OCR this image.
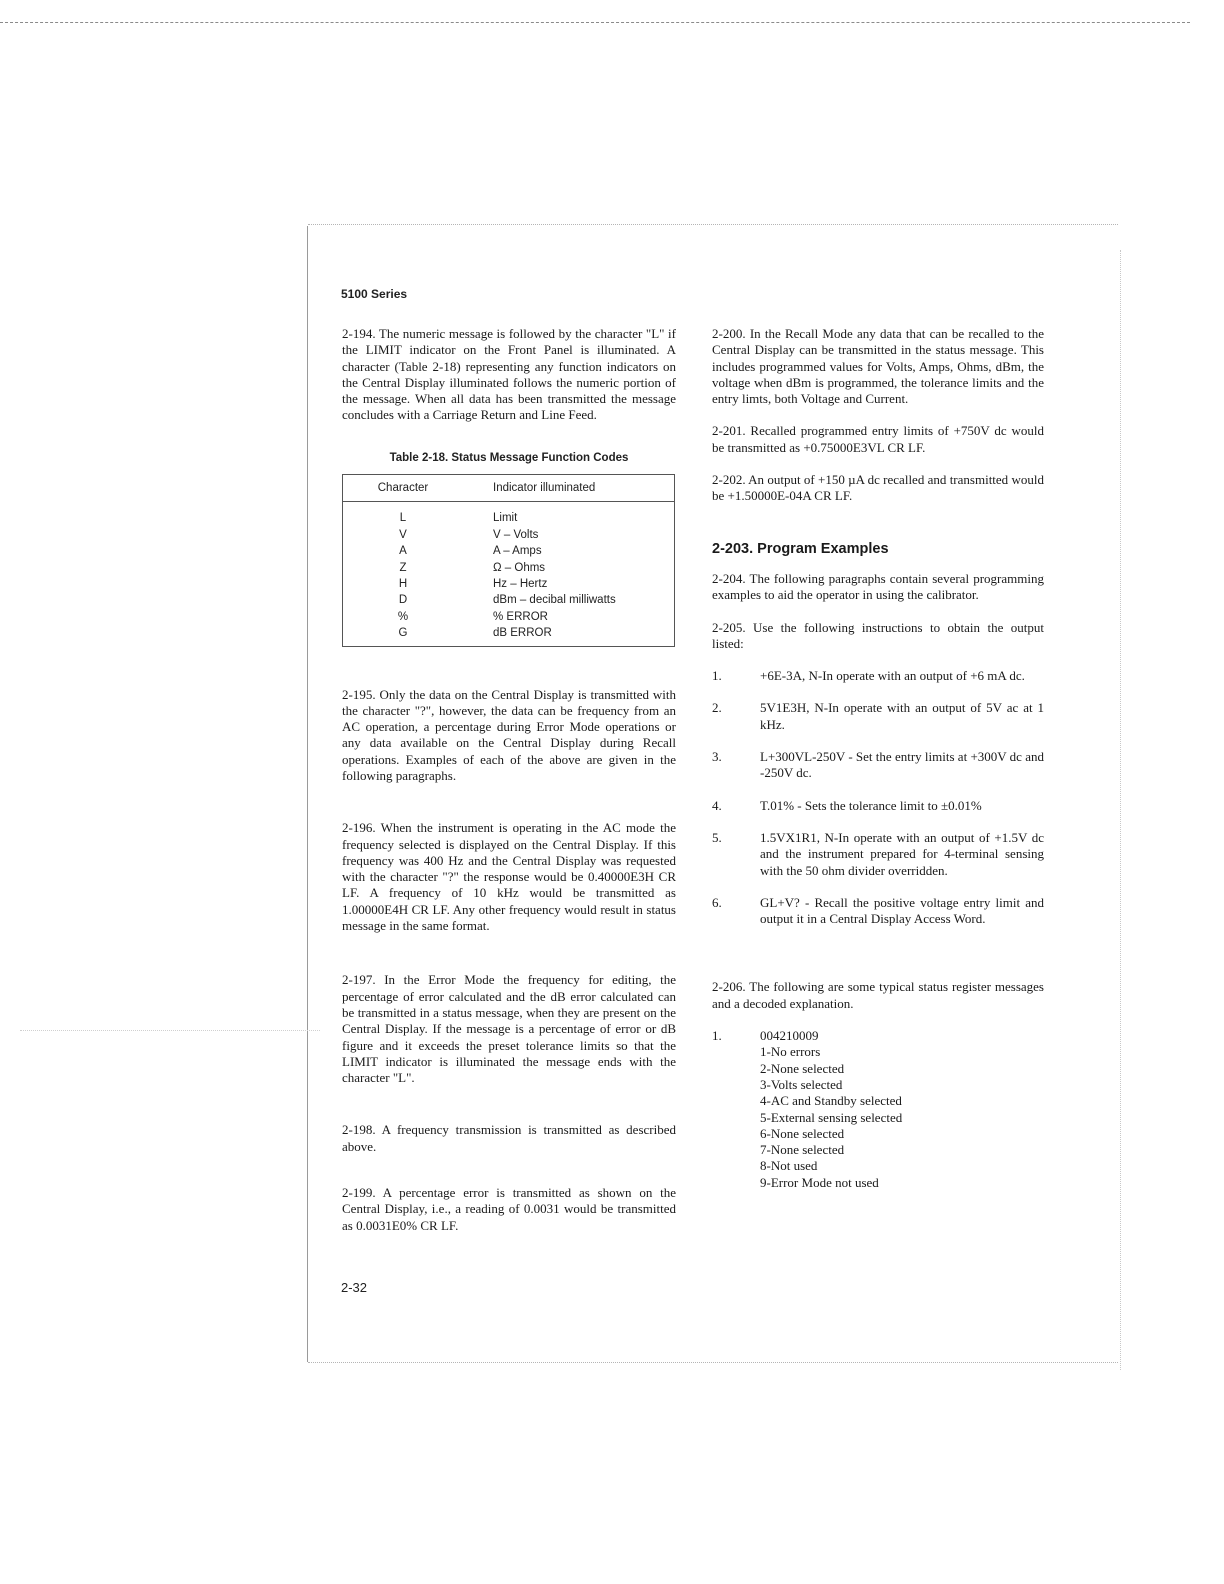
5100 Series

2-194. The numeric message is followed by the character "L" if the LIMIT indicator on the Front Panel is illuminated. A character (Table 2-18) representing any function indicators on the Central Display illuminated follows the numeric portion of the message. When all data has been transmitted the message concludes with a Carriage Return and Line Feed.

Table 2-18. Status Message Function Codes

Character	Indicator illuminated
L	Limit
V	V – Volts
A	A – Amps
Z	Ω – Ohms
H	Hz – Hertz
D	dBm – decibal milliwatts
%	% ERROR
G	dB ERROR

2-195. Only the data on the Central Display is transmitted with the character "?", however, the data can be frequency from an AC operation, a percentage during Error Mode operations or any data available on the Central Display during Recall operations. Examples of each of the above are given in the following paragraphs.

2-196. When the instrument is operating in the AC mode the frequency selected is displayed on the Central Display. If this frequency was 400 Hz and the Central Display was requested with the character "?" the response would be 0.40000E3H CR LF. A frequency of 10 kHz would be transmitted as 1.00000E4H CR LF. Any other frequency would result in status message in the same format.

2-197. In the Error Mode the frequency for editing, the percentage of error calculated and the dB error calculated can be transmitted in a status message, when they are present on the Central Display. If the message is a percentage of error or dB figure and it exceeds the preset tolerance limits so that the LIMIT indicator is illuminated the message ends with the character "L".

2-198. A frequency transmission is transmitted as described above.

2-199. A percentage error is transmitted as shown on the Central Display, i.e., a reading of 0.0031 would be transmitted as 0.0031E0% CR LF.

2-200. In the Recall Mode any data that can be recalled to the Central Display can be transmitted in the status message. This includes programmed values for Volts, Amps, Ohms, dBm, the voltage when dBm is programmed, the tolerance limits and the entry limts, both Voltage and Current.

2-201. Recalled programmed entry limits of +750V dc would be transmitted as +0.75000E3VL CR LF.

2-202. An output of +150 µA dc recalled and transmitted would be +1.50000E-04A CR LF.

2-203. Program Examples

2-204. The following paragraphs contain several programming examples to aid the operator in using the calibrator.

2-205. Use the following instructions to obtain the output listed:

1.	+6E-3A, N-In operate with an output of +6 mA dc.
2.	5V1E3H, N-In operate with an output of 5V ac at 1 kHz.
3.	L+300VL-250V - Set the entry limits at +300V dc and -250V dc.
4.	T.01% - Sets the tolerance limit to ±0.01%
5.	1.5VX1R1, N-In operate with an output of +1.5V dc and the instrument prepared for 4-terminal sensing with the 50 ohm divider overridden.
6.	GL+V? - Recall the positive voltage entry limit and output it in a Central Display Access Word.

2-206. The following are some typical status register messages and a decoded explanation.

1.	004210009
1-No errors
2-None selected
3-Volts selected
4-AC and Standby selected
5-External sensing selected
6-None selected
7-None selected
8-Not used
9-Error Mode not used
2-32
